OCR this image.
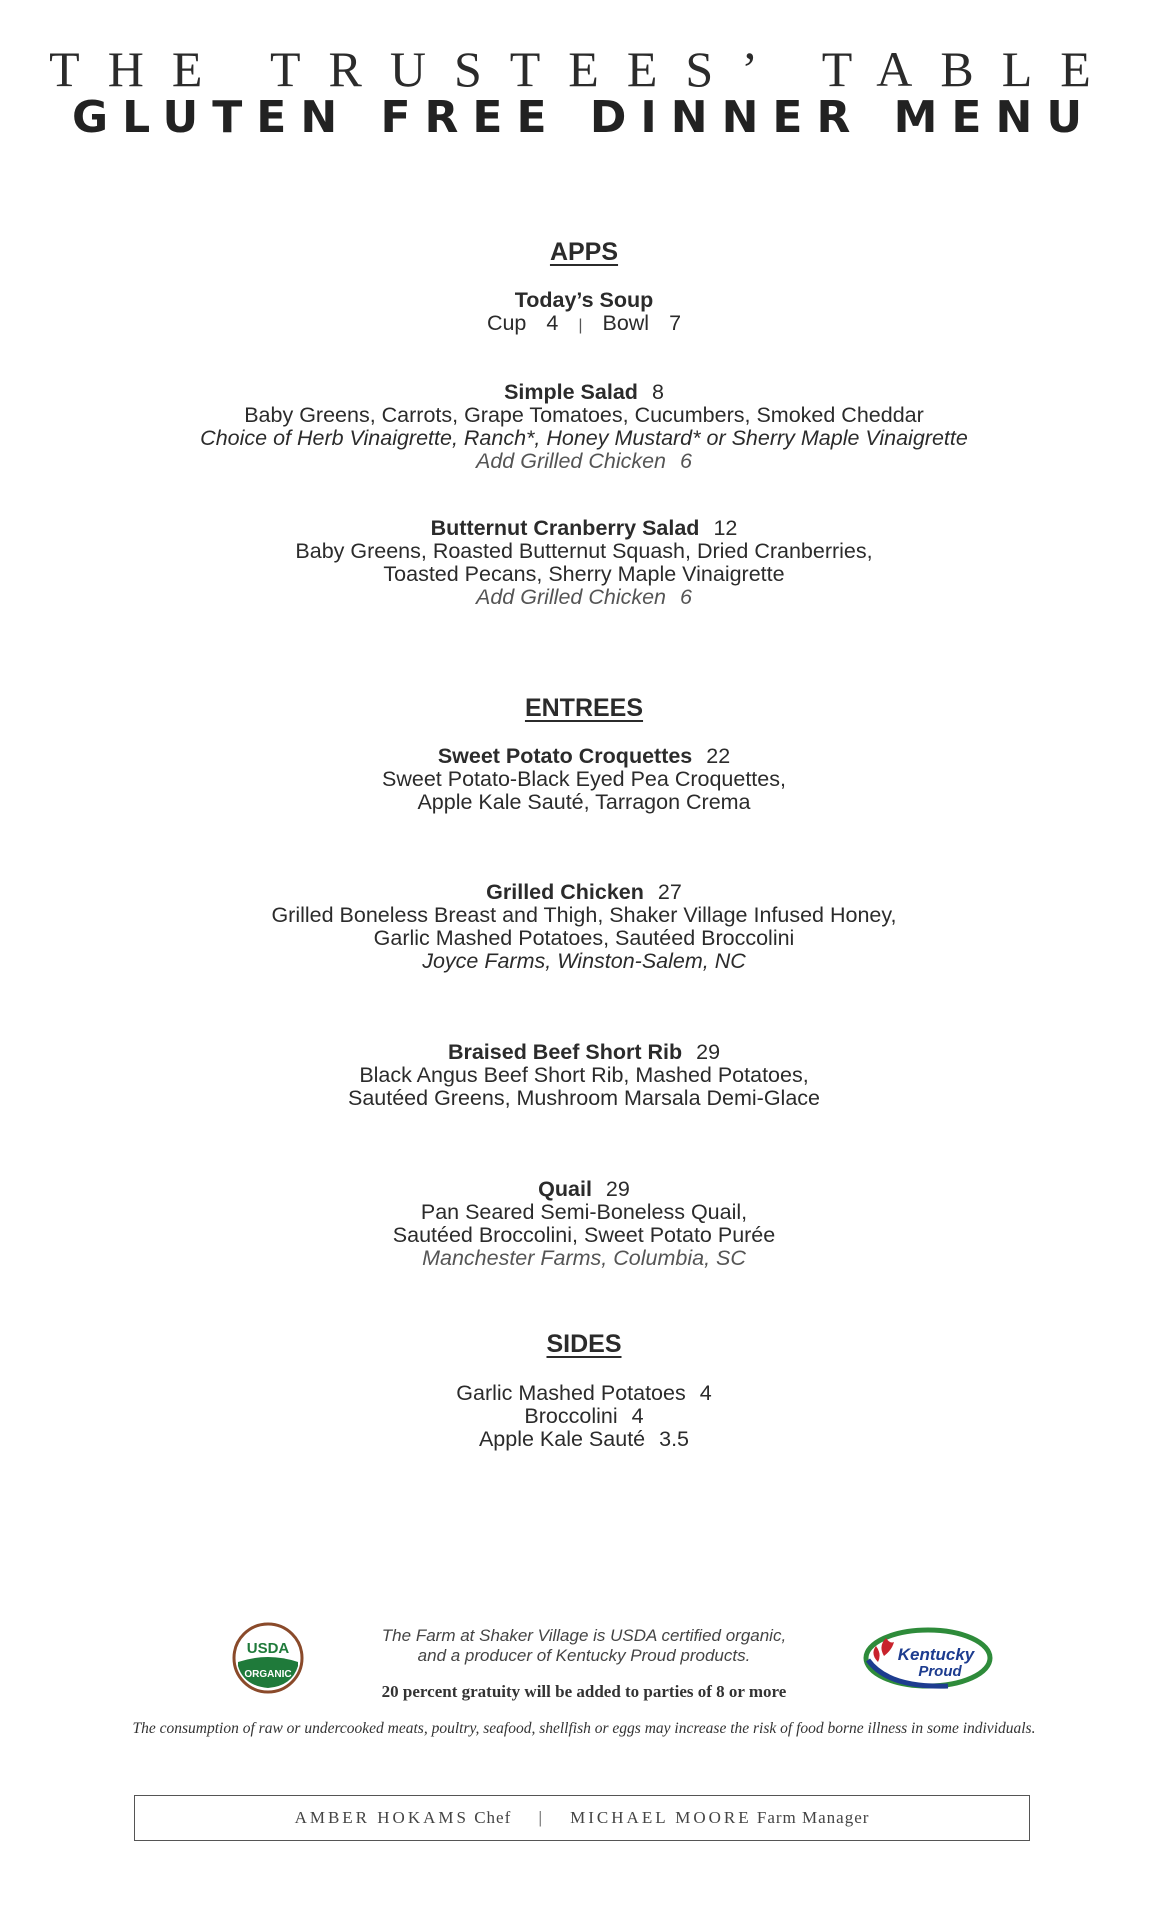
THE TRUSTEES’ TABLE
GLUTEN FREE DINNER MENU
APPS
Today’s Soup
Cup 4 | Bowl 7
Simple Salad 8
Baby Greens, Carrots, Grape Tomatoes, Cucumbers, Smoked Cheddar
Choice of Herb Vinaigrette, Ranch*, Honey Mustard* or Sherry Maple Vinaigrette
Add Grilled Chicken 6
Butternut Cranberry Salad 12
Baby Greens, Roasted Butternut Squash, Dried Cranberries,
Toasted Pecans, Sherry Maple Vinaigrette
Add Grilled Chicken 6
ENTREES
Sweet Potato Croquettes 22
Sweet Potato-Black Eyed Pea Croquettes,
Apple Kale Sauté, Tarragon Crema
Grilled Chicken 27
Grilled Boneless Breast and Thigh, Shaker Village Infused Honey,
Garlic Mashed Potatoes, Sautéed Broccolini
Joyce Farms, Winston-Salem, NC
Braised Beef Short Rib 29
Black Angus Beef Short Rib, Mashed Potatoes,
Sautéed Greens, Mushroom Marsala Demi-Glace
Quail 29
Pan Seared Semi-Boneless Quail,
Sautéed Broccolini, Sweet Potato Purée
Manchester Farms, Columbia, SC
SIDES
Garlic Mashed Potatoes 4
Broccolini 4
Apple Kale Sauté 3.5
USDA
ORGANIC
The Farm at Shaker Village is USDA certified organic,
and a producer of Kentucky Proud products.	Kentucky
Proud
20 percent gratuity will be added to parties of 8 or more
The consumption of raw or undercooked meats, poultry, seafood, shellfish or eggs may increase the risk of food borne illness in some individuals.
AMBER HOKAMS Chef | MICHAEL MOORE Farm Manager
